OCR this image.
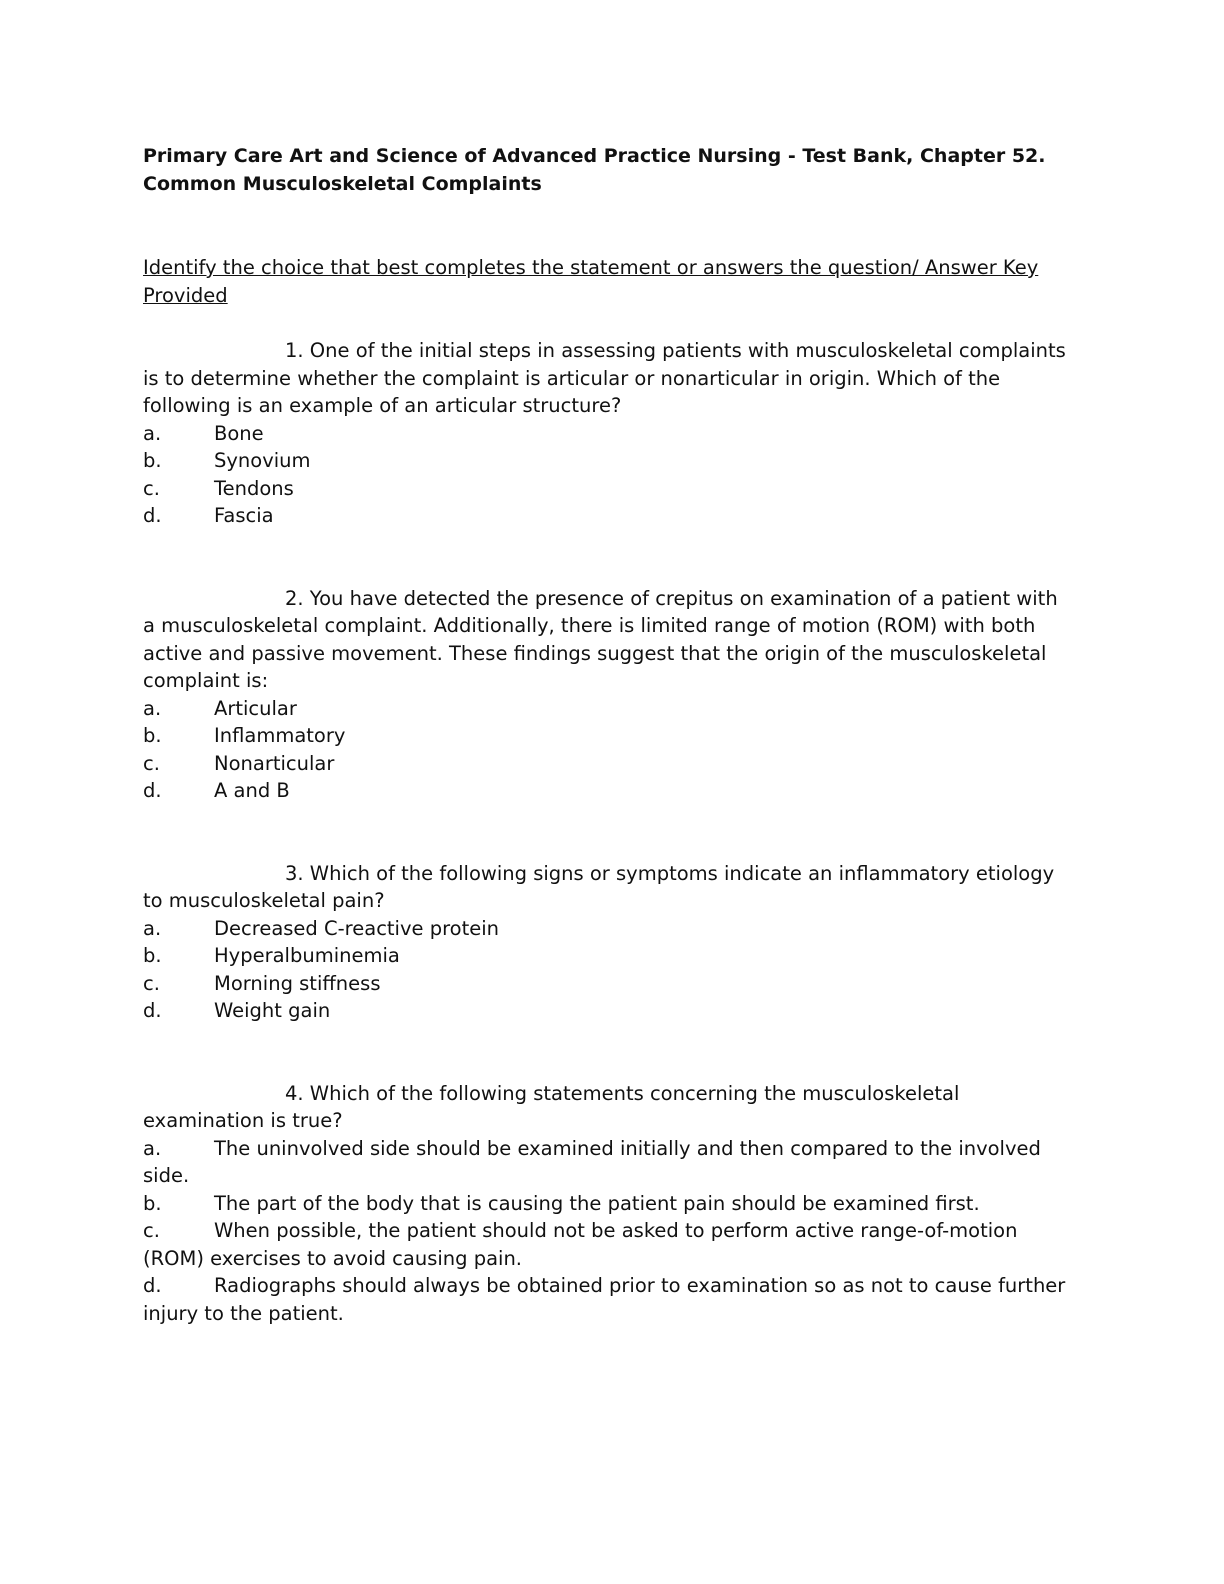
Primary Care Art and Science of Advanced Practice Nursing - Test Bank, Chapter 52.
Common Musculoskeletal Complaints

Identify the choice that best completes the statement or answers the question/ Answer Key Provided
1. One of the initial steps in assessing patients with musculoskeletal complaints is to determine whether the complaint is articular or nonarticular in origin. Which of the following is an example of an articular structure?
a.	Bone
b.	Synovium
c.	Tendons
d.	Fascia
2. You have detected the presence of crepitus on examination of a patient with a musculoskeletal complaint. Additionally, there is limited range of motion (ROM) with both active and passive movement. These findings suggest that the origin of the musculoskeletal complaint is:
a.	Articular
b.	Inflammatory
c.	Nonarticular
d.	A and B
3. Which of the following signs or symptoms indicate an inflammatory etiology to musculoskeletal pain?
a.	Decreased C-reactive protein
b.	Hyperalbuminemia
c.	Morning stiffness
d.	Weight gain
4. Which of the following statements concerning the musculoskeletal examination is true?
a.	The uninvolved side should be examined initially and then compared to the involved side.
b.	The part of the body that is causing the patient pain should be examined first.
c.	When possible, the patient should not be asked to perform active range-of-motion (ROM) exercises to avoid causing pain.
d.	Radiographs should always be obtained prior to examination so as not to cause further injury to the patient.
